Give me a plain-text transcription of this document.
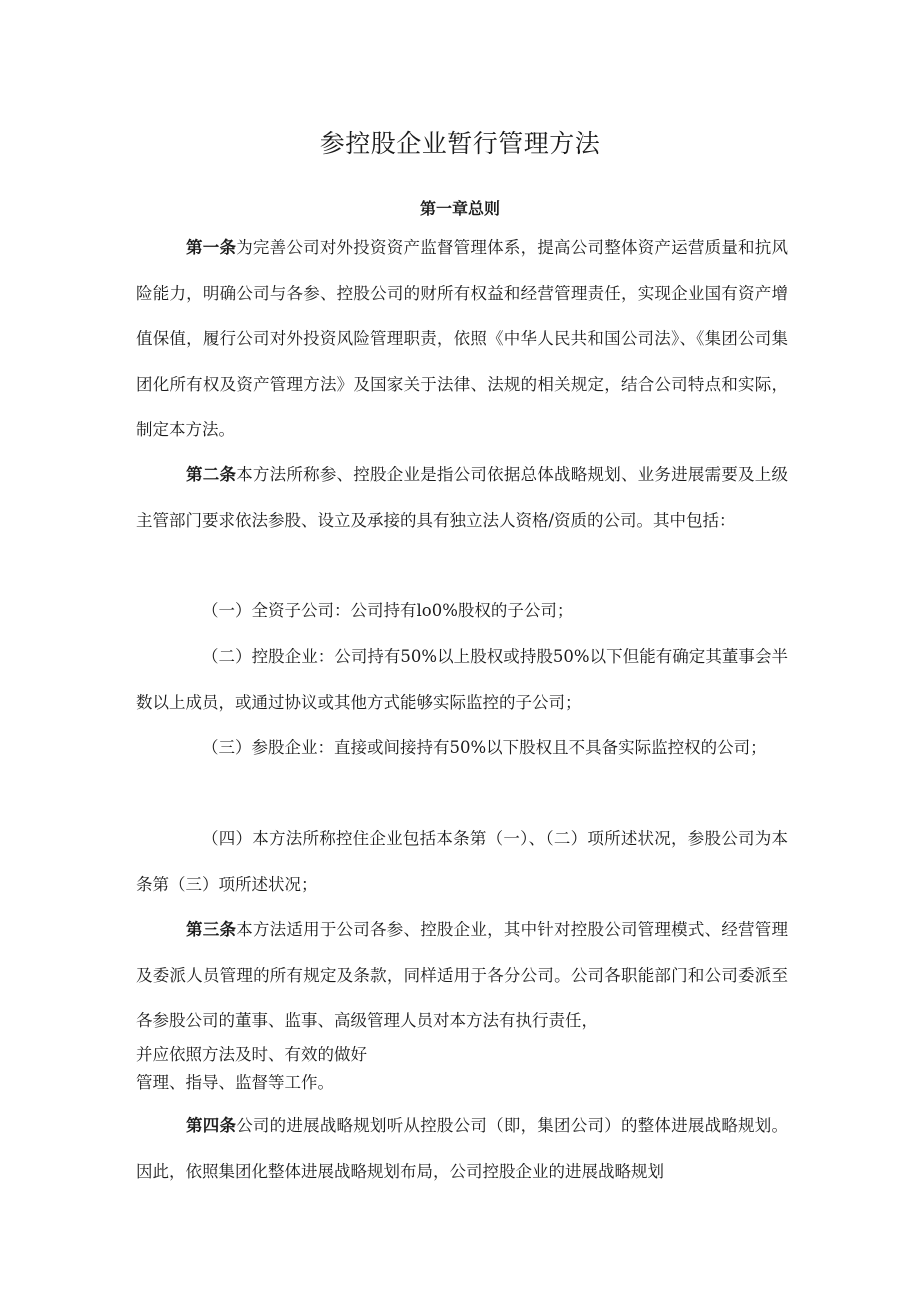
参控股企业暂行管理方法
第一章总则

第一条为完善公司对外投资资产监督管理体系，提高公司整体资产运营质量和抗风险能力，明确公司与各参、控股公司的财所有权益和经营管理责任，实现企业国有资产增值保值，履行公司对外投资风险管理职责，依照《中华人民共和国公司法》、《集团公司集团化所有权及资产管理方法》及国家关于法律、法规的相关规定，结合公司特点和实际，制定本方法。

第二条本方法所称参、控股企业是指公司依据总体战略规划、业务进展需要及上级主管部门要求依法参股、设立及承接的具有独立法人资格/资质的公司。其中包括：

（一）全资子公司：公司持有lo0%股权的子公司；

（二）控股企业：公司持有50%以上股权或持股50%以下但能有确定其董事会半数以上成员，或通过协议或其他方式能够实际监控的子公司；

（三）参股企业：直接或间接持有50%以下股权且不具备实际监控权的公司；

（四）本方法所称控住企业包括本条第（一）、（二）项所述状况，参股公司为本条第（三）项所述状况；

第三条本方法适用于公司各参、控股企业，其中针对控股公司管理模式、经营管理及委派人员管理的所有规定及条款，同样适用于各分公司。公司各职能部门和公司委派至各参股公司的董事、监事、高级管理人员对本方法有执行责任，

并应依照方法及时、有效的做好

管理、指导、监督等工作。

第四条公司的进展战略规划听从控股公司（即，集团公司）的整体进展战略规划。因此，依照集团化整体进展战略规划布局，公司控股企业的进展战略规划
